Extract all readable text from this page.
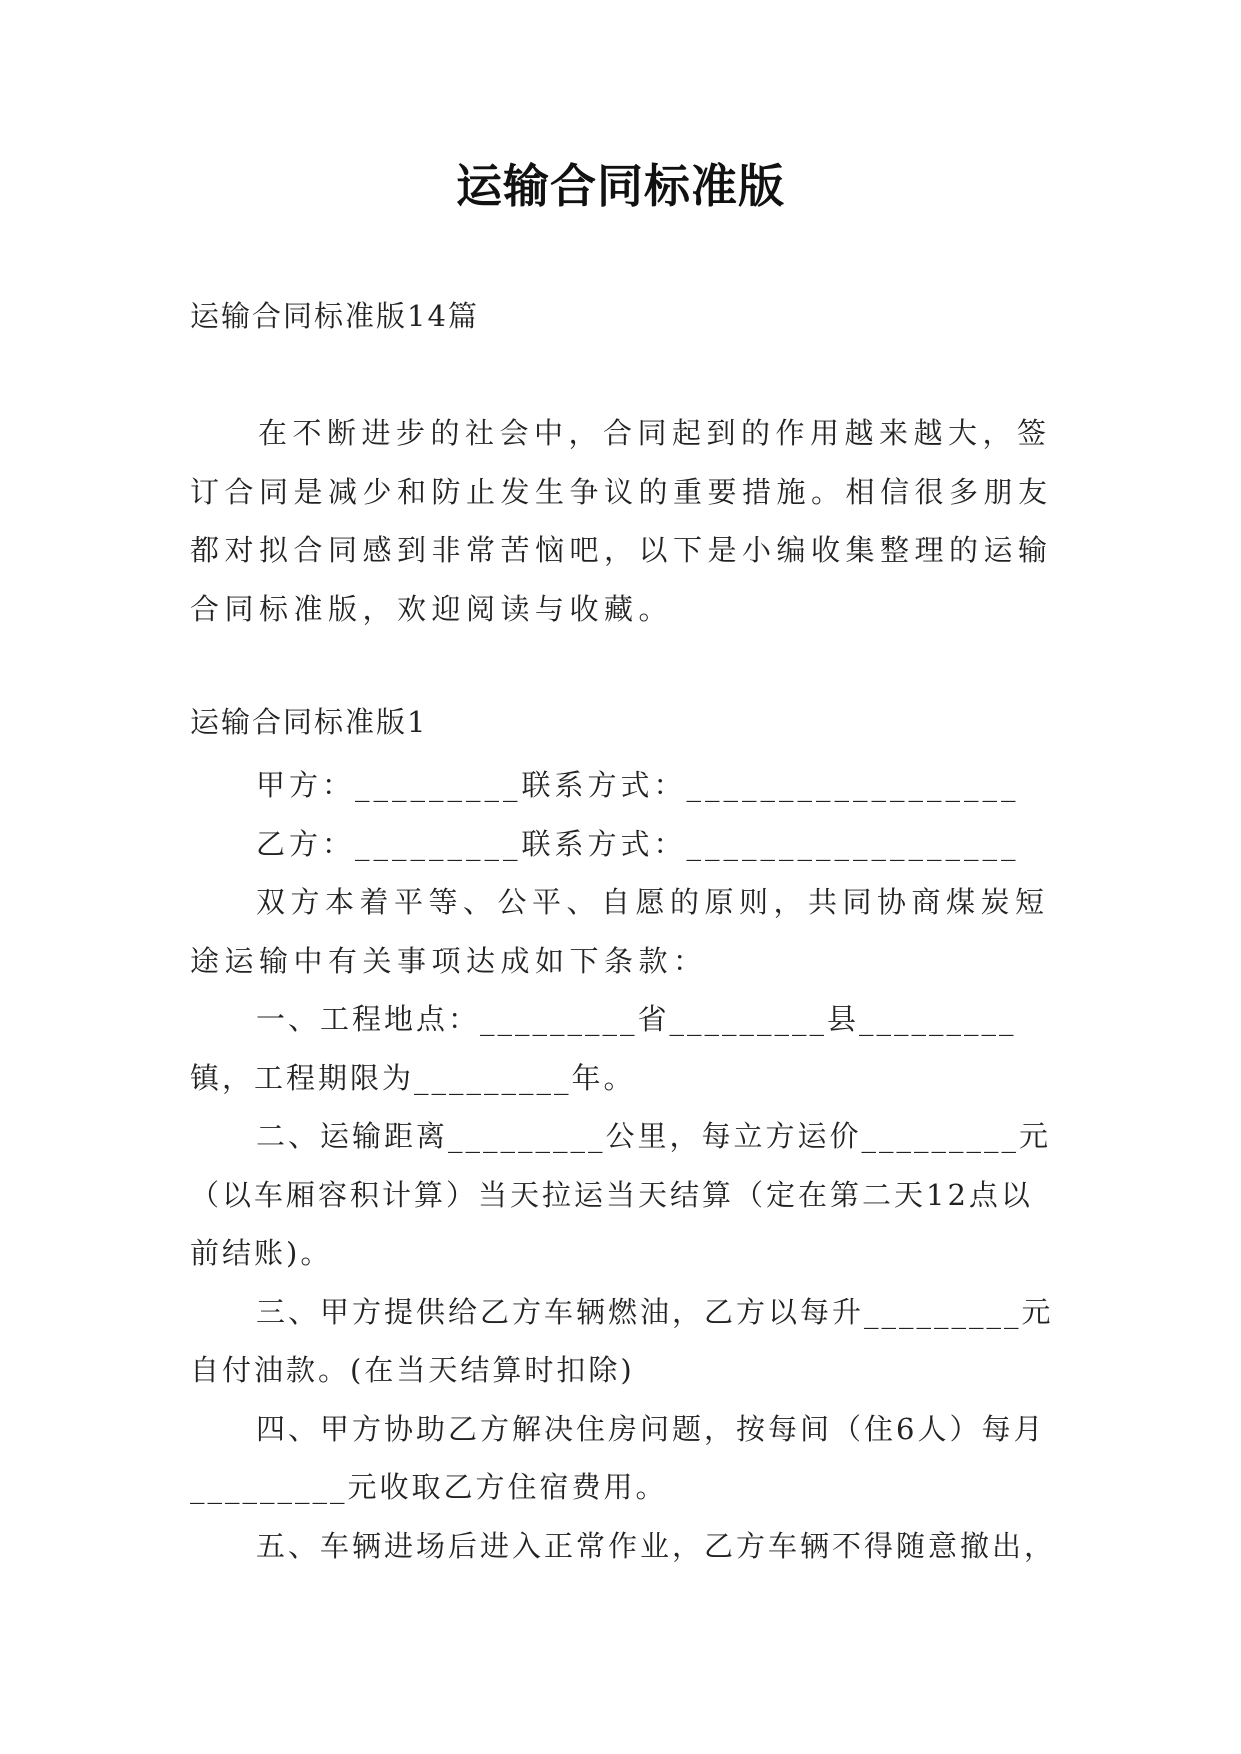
运输合同标准版
运输合同标准版14篇

在不断进步的社会中，合同起到的作用越来越大，签订合同是减少和防止发生争议的重要措施。相信很多朋友都对拟合同感到非常苦恼吧，以下是小编收集整理的运输合同标准版，欢迎阅读与收藏。

运输合同标准版1

甲方：_________联系方式：__________________

乙方：_________联系方式：__________________

双方本着平等、公平、自愿的原则，共同协商煤炭短途运输中有关事项达成如下条款：

一、工程地点：_________省_________县_________镇，工程期限为_________年。

二、运输距离_________公里，每立方运价_________元（以车厢容积计算）当天拉运当天结算（定在第二天12点以前结账)。

三、甲方提供给乙方车辆燃油，乙方以每升_________元自付油款。(在当天结算时扣除)

四、甲方协助乙方解决住房问题，按每间（住6人）每月_________元收取乙方住宿费用。

五、车辆进场后进入正常作业，乙方车辆不得随意撤出，
